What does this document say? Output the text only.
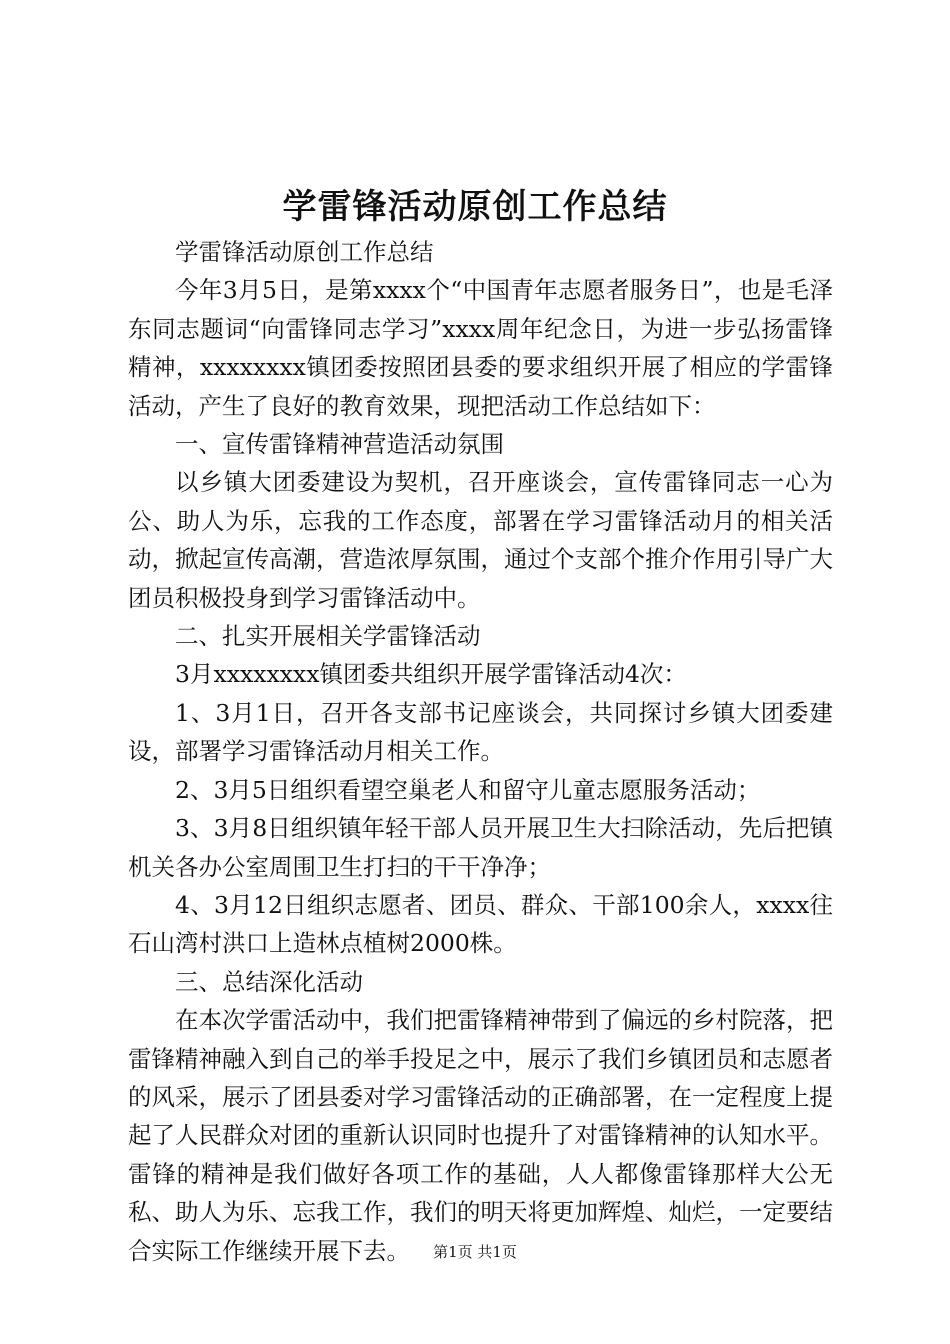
学雷锋活动原创工作总结

学雷锋活动原创工作总结

今年3月5日，是第xxxx个“中国青年志愿者服务日”，也是毛泽东同志题词“向雷锋同志学习”xxxx周年纪念日，为进一步弘扬雷锋精神，xxxxxxxx镇团委按照团县委的要求组织开展了相应的学雷锋活动，产生了良好的教育效果，现把活动工作总结如下：

一、宣传雷锋精神营造活动氛围

以乡镇大团委建设为契机，召开座谈会，宣传雷锋同志一心为公、助人为乐，忘我的工作态度，部署在学习雷锋活动月的相关活动，掀起宣传高潮，营造浓厚氛围，通过个支部个推介作用引导广大团员积极投身到学习雷锋活动中。

二、扎实开展相关学雷锋活动

3月xxxxxxxx镇团委共组织开展学雷锋活动4次：

1、3月1日，召开各支部书记座谈会，共同探讨乡镇大团委建设，部署学习雷锋活动月相关工作。

2、3月5日组织看望空巢老人和留守儿童志愿服务活动；

3、3月8日组织镇年轻干部人员开展卫生大扫除活动，先后把镇机关各办公室周围卫生打扫的干干净净；

4、3月12日组织志愿者、团员、群众、干部100余人，xxxx往石山湾村洪口上造林点植树2000株。

三、总结深化活动

在本次学雷活动中，我们把雷锋精神带到了偏远的乡村院落，把雷锋精神融入到自己的举手投足之中，展示了我们乡镇团员和志愿者的风采，展示了团县委对学习雷锋活动的正确部署，在一定程度上提起了人民群众对团的重新认识同时也提升了对雷锋精神的认知水平。雷锋的精神是我们做好各项工作的基础，人人都像雷锋那样大公无私、助人为乐、忘我工作，我们的明天将更加辉煌、灿烂，一定要结合实际工作继续开展下去。	第1页 共1页
